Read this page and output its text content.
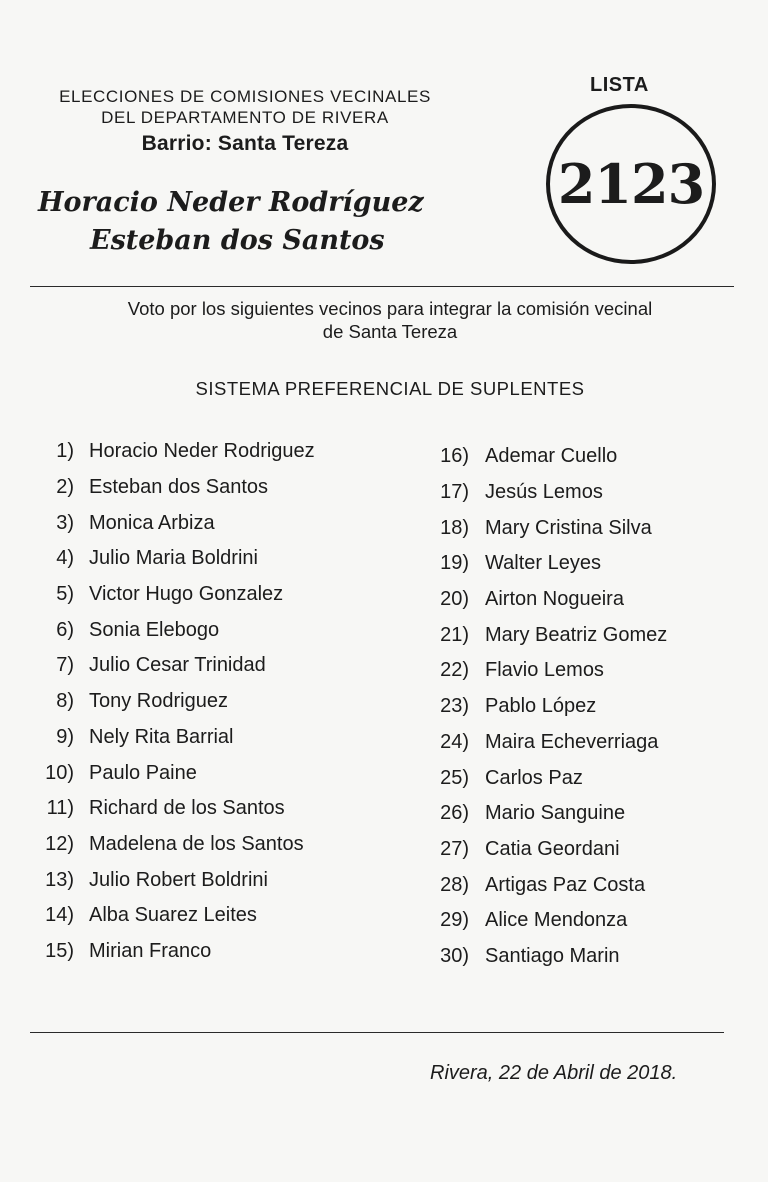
ELECCIONES DE COMISIONES VECINALES
DEL DEPARTAMENTO DE RIVERA
Barrio: Santa Tereza
Horacio Neder Rodríguez
Esteban dos Santos
LISTA
2123
Voto por los siguientes vecinos para integrar la comisión vecinal
de Santa Tereza
SISTEMA PREFERENCIAL DE SUPLENTES
1) Horacio Neder Rodriguez
2) Esteban dos Santos
3) Monica Arbiza
4) Julio Maria Boldrini
5) Victor Hugo Gonzalez
6) Sonia Elebogo
7) Julio Cesar Trinidad
8) Tony Rodriguez
9) Nely Rita Barrial
10) Paulo Paine
11) Richard de los Santos
12) Madelena de los Santos
13) Julio Robert Boldrini
14) Alba Suarez Leites
15) Mirian Franco
16) Ademar Cuello
17) Jesús Lemos
18) Mary Cristina Silva
19) Walter Leyes
20) Airton Nogueira
21) Mary Beatriz Gomez
22) Flavio Lemos
23) Pablo López
24) Maira Echeverriaga
25) Carlos Paz
26) Mario Sanguine
27) Catia Geordani
28) Artigas Paz Costa
29) Alice Mendonza
30) Santiago Marin
Rivera, 22 de Abril de 2018.
